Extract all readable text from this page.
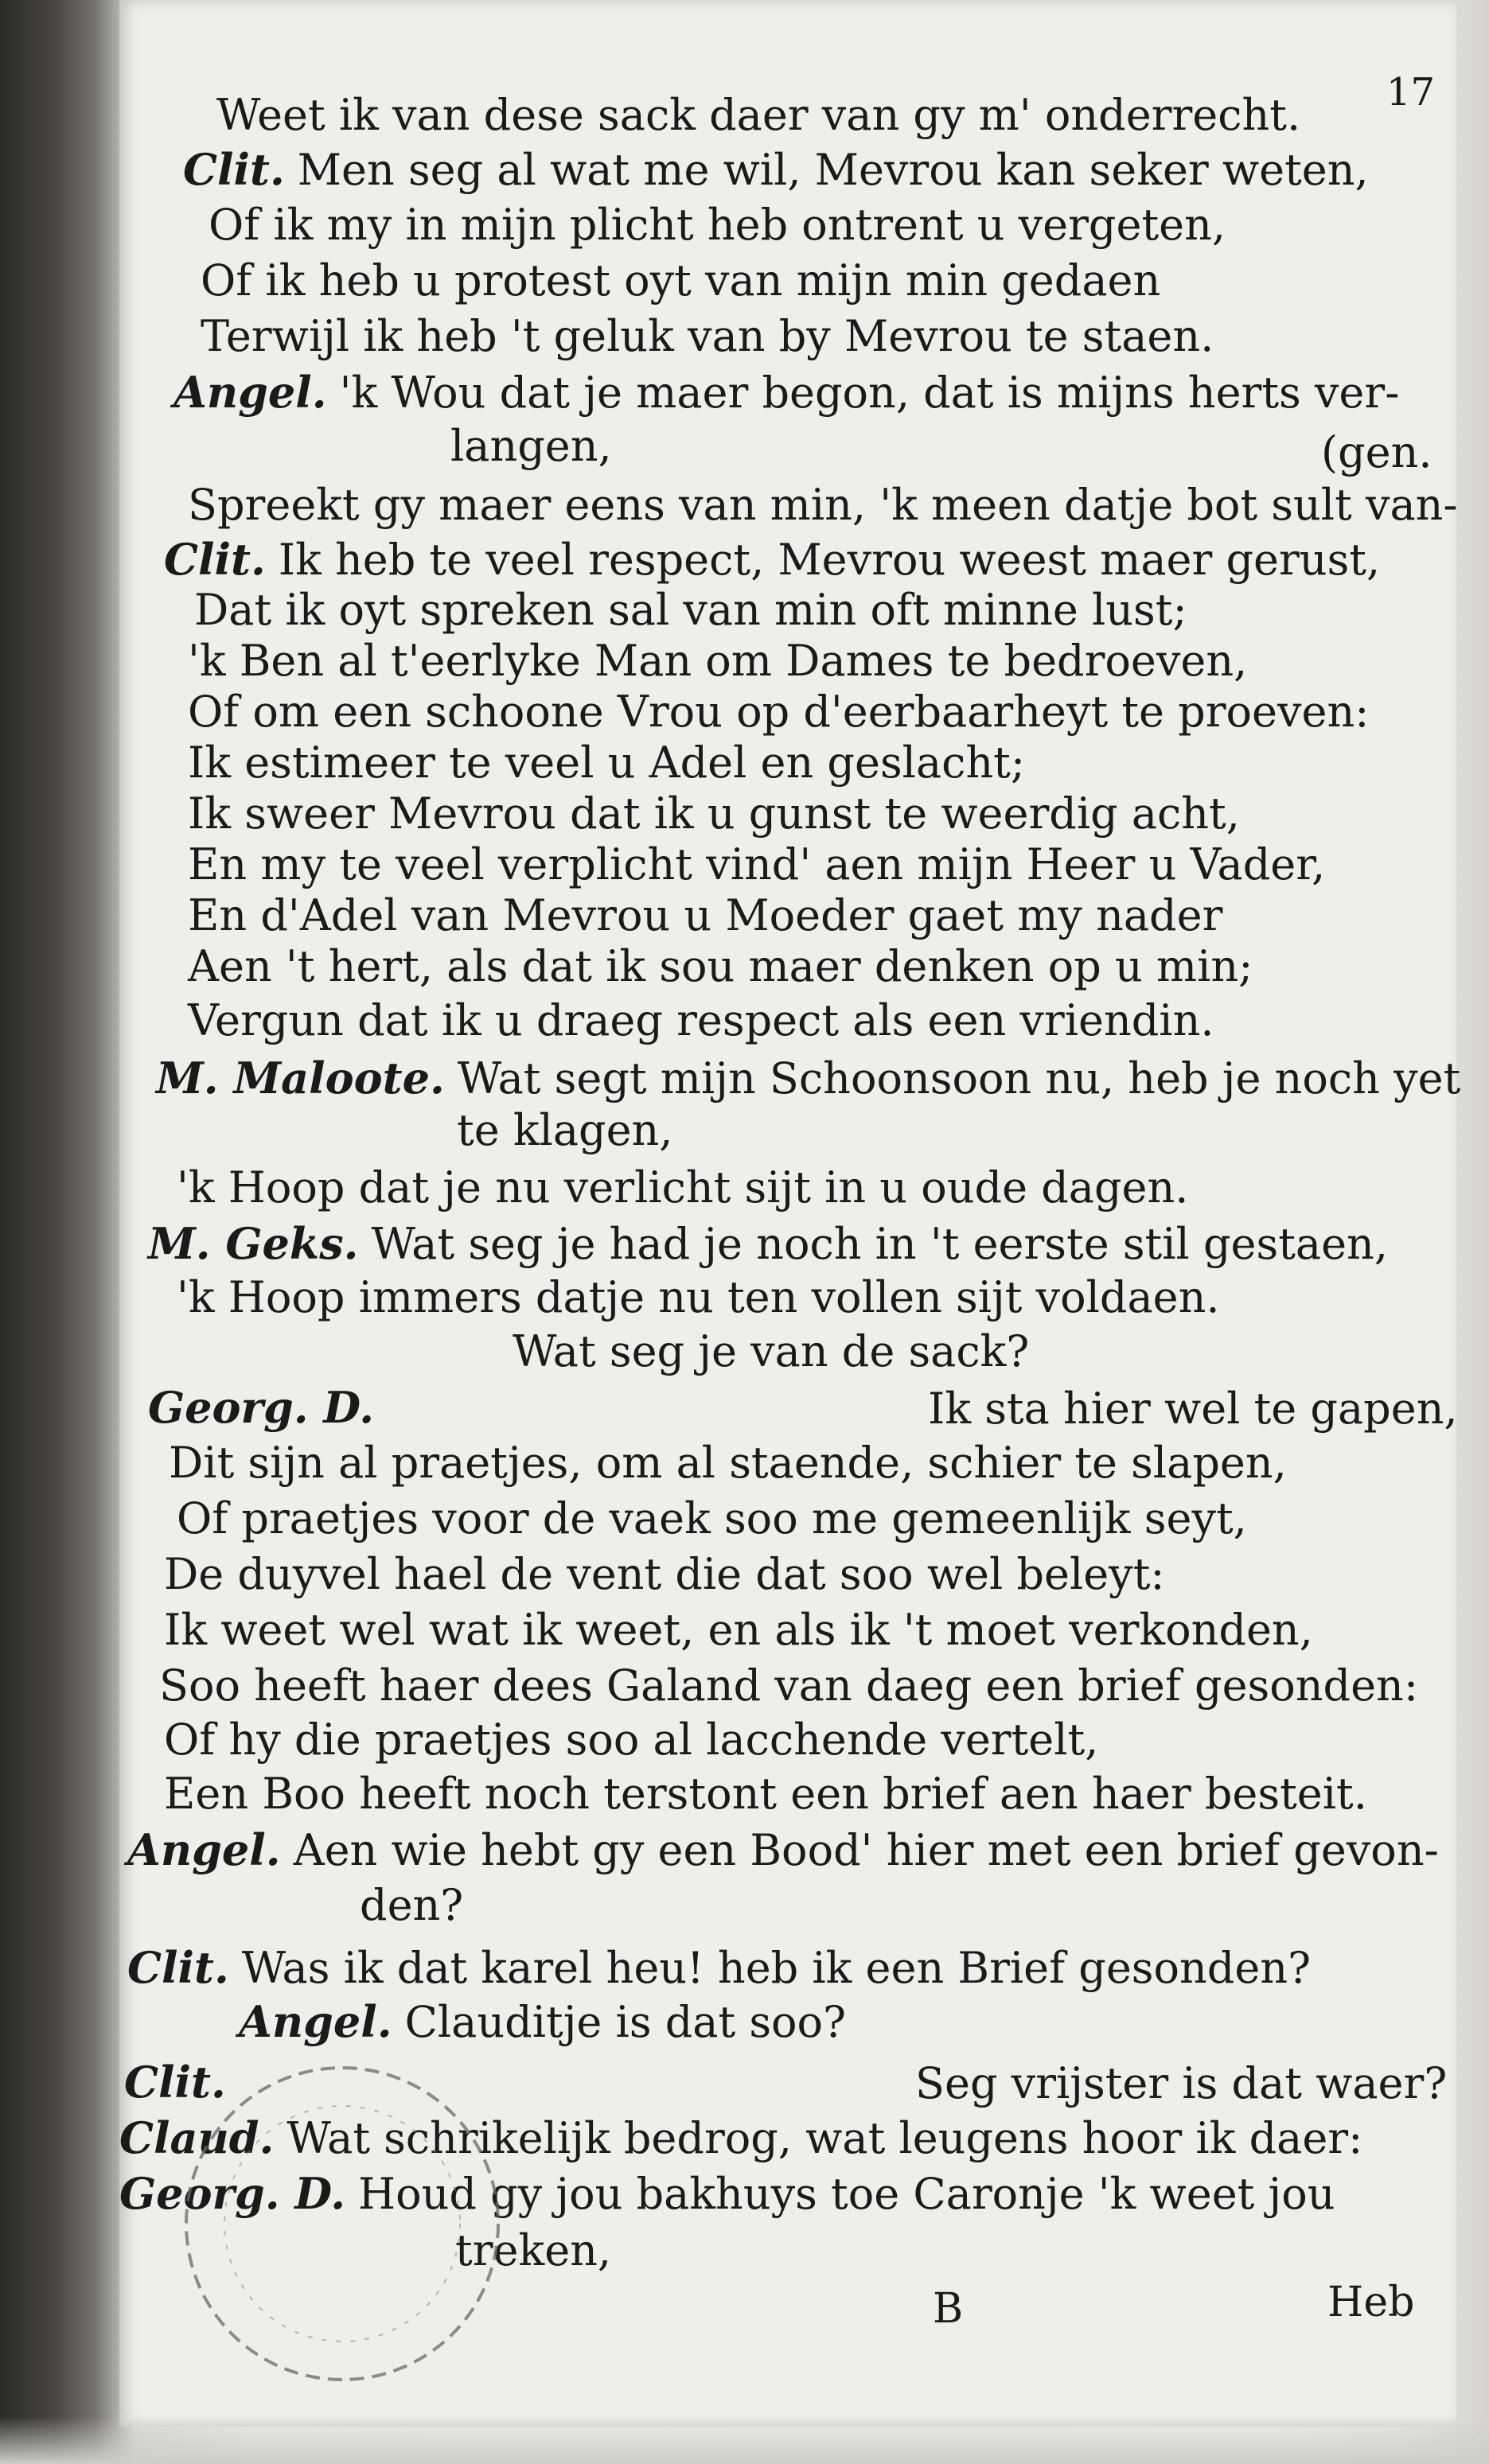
17
Weet ik van dese sack daer van gy m' onderrecht.
Clit. Men seg al wat me wil, Mevrou kan seker weten,
Of ik my in mijn plicht heb ontrent u vergeten,
Of ik heb u protest oyt van mijn min gedaen
Terwijl ik heb 't geluk van by Mevrou te staen.
Angel. 'k Wou dat je maer begon, dat is mijns herts ver-
langen,	(gen.
Spreekt gy maer eens van min, 'k meen datje bot sult van-
Clit. Ik heb te veel respect, Mevrou weest maer gerust,
Dat ik oyt spreken sal van min oft minne lust;
'k Ben al t'eerlyke Man om Dames te bedroeven,
Of om een schoone Vrou op d'eerbaarheyt te proeven:
Ik estimeer te veel u Adel en geslacht;
Ik sweer Mevrou dat ik u gunst te weerdig acht,
En my te veel verplicht vind' aen mijn Heer u Vader,
En d'Adel van Mevrou u Moeder gaet my nader
Aen 't hert, als dat ik sou maer denken op u min;
Vergun dat ik u draeg respect als een vriendin.
M. Maloote. Wat segt mijn Schoonsoon nu, heb je noch yet
te klagen,
'k Hoop dat je nu verlicht sijt in u oude dagen.
M. Geks. Wat seg je had je noch in 't eerste stil gestaen,
'k Hoop immers datje nu ten vollen sijt voldaen.
Wat seg je van de sack?
Georg. D.	Ik sta hier wel te gapen,
Dit sijn al praetjes, om al staende, schier te slapen,
Of praetjes voor de vaek soo me gemeenlijk seyt,
De duyvel hael de vent die dat soo wel beleyt:
Ik weet wel wat ik weet, en als ik 't moet verkonden,
Soo heeft haer dees Galand van daeg een brief gesonden:
Of hy die praetjes soo al lacchende vertelt,
Een Boo heeft noch terstont een brief aen haer besteit.
Angel. Aen wie hebt gy een Bood' hier met een brief gevon-
den?
Clit. Was ik dat karel heu! heb ik een Brief gesonden?
Angel. Clauditje is dat soo?
Clit.	Seg vrijster is dat waer?
Claud. Wat schrikelijk bedrog, wat leugens hoor ik daer:
Georg. D. Houd gy jou bakhuys toe Caronje 'k weet jou
treken,
B	Heb
